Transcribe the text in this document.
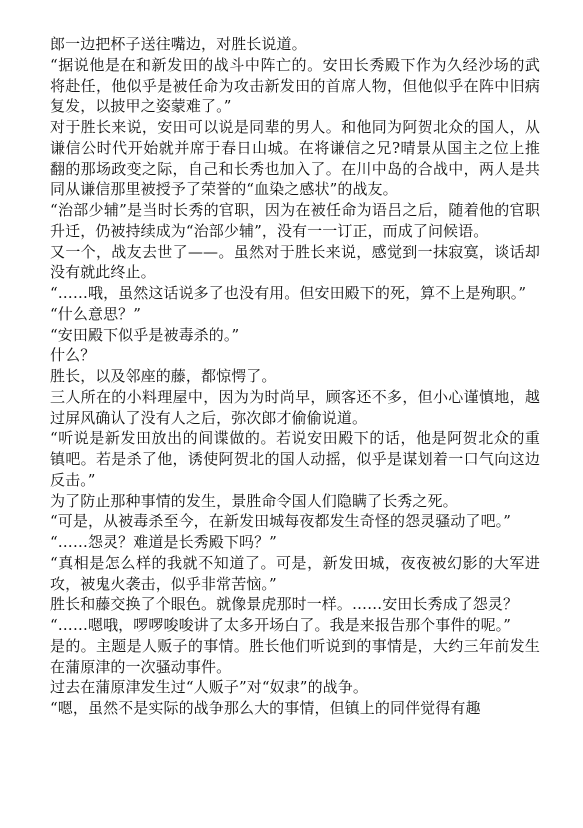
郎一边把杯子送往嘴边，对胜长说道。

“据说他是在和新发田的战斗中阵亡的。安田长秀殿下作为久经沙场的武将赴任，他似乎是被任命为攻击新发田的首席人物，但他似乎在阵中旧病复发，以披甲之姿蒙难了。”

对于胜长来说，安田可以说是同辈的男人。和他同为阿贺北众的国人，从谦信公时代开始就并席于春日山城。在将谦信之兄?晴景从国主之位上推翻的那场政变之际，自己和长秀也加入了。在川中岛的合战中，两人是共同从谦信那里被授予了荣誉的“血染之感状”的战友。

“治部少辅”是当时长秀的官职，因为在被任命为语吕之后，随着他的官职升迁，仍被持续成为“治部少辅”，没有一一订正，而成了问候语。

又一个，战友去世了——。虽然对于胜长来说，感觉到一抹寂寞，谈话却没有就此终止。

“……哦，虽然这话说多了也没有用。但安田殿下的死，算不上是殉职。”

“什么意思？”

“安田殿下似乎是被毒杀的。”

什么？

胜长，以及邻座的藤，都惊愕了。

三人所在的小料理屋中，因为为时尚早，顾客还不多，但小心谨慎地，越过屏风确认了没有人之后，弥次郎才偷偷说道。

“听说是新发田放出的间谍做的。若说安田殿下的话，他是阿贺北众的重镇吧。若是杀了他，诱使阿贺北的国人动摇，似乎是谋划着一口气向这边反击。”

为了防止那种事情的发生，景胜命令国人们隐瞒了长秀之死。

“可是，从被毒杀至今，在新发田城每夜都发生奇怪的怨灵骚动了吧。”

“……怨灵？难道是长秀殿下吗？”

“真相是怎么样的我就不知道了。可是，新发田城，夜夜被幻影的大军进攻，被鬼火袭击，似乎非常苦恼。”

胜长和藤交换了个眼色。就像景虎那时一样。……安田长秀成了怨灵？

“……嗯哦，啰啰唆唆讲了太多开场白了。我是来报告那个事件的呢。”

是的。主题是人贩子的事情。胜长他们听说到的事情是，大约三年前发生在蒲原津的一次骚动事件。

过去在蒲原津发生过“人贩子”对“奴隶”的战争。

“嗯，虽然不是实际的战争那么大的事情，但镇上的同伴觉得有趣
